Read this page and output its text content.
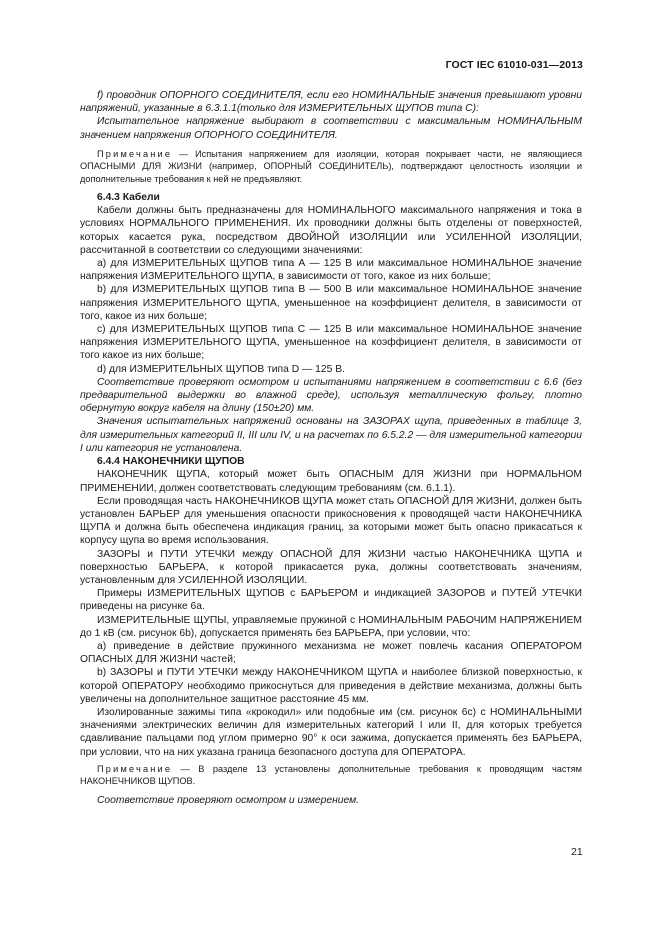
ГОСТ IEC 61010-031—2013

f) проводник ОПОРНОГО СОЕДИНИТЕЛЯ, если его НОМИНАЛЬНЫЕ значения превышают уровни напряжений, указанные в 6.3.1.1(только для ИЗМЕРИТЕЛЬНЫХ ЩУПОВ типа C):

Испытательное напряжение выбирают в соответствии с максимальным НОМИНАЛЬНЫМ значением напряжения ОПОРНОГО СОЕДИНИТЕЛЯ.

Примечание — Испытания напряжением для изоляции, которая покрывает части, не являющиеся ОПАСНЫМИ ДЛЯ ЖИЗНИ (например, ОПОРНЫЙ СОЕДИНИТЕЛЬ), подтверждают целостность изоляции и дополнительные требования к ней не предъявляют.

6.4.3 Кабели

Кабели должны быть предназначены для НОМИНАЛЬНОГО максимального напряжения и тока в условиях НОРМАЛЬНОГО ПРИМЕНЕНИЯ. Их проводники должны быть отделены от поверхностей, которых касается рука, посредством ДВОЙНОЙ ИЗОЛЯЦИИ или УСИЛЕННОЙ ИЗОЛЯЦИИ, рассчитанной в соответствии со следующими значениями:

a) для ИЗМЕРИТЕЛЬНЫХ ЩУПОВ типа А — 125 В или максимальное НОМИНАЛЬНОЕ значение напряжения ИЗМЕРИТЕЛЬНОГО ЩУПА, в зависимости от того, какое из них больше;

b) для ИЗМЕРИТЕЛЬНЫХ ЩУПОВ типа В — 500 В или максимальное НОМИНАЛЬНОЕ значение напряжения ИЗМЕРИТЕЛЬНОГО ЩУПА, уменьшенное на коэффициент делителя, в зависимости от того, какое из них больше;

c) для ИЗМЕРИТЕЛЬНЫХ ЩУПОВ типа С — 125 В или максимальное НОМИНАЛЬНОЕ значение напряжения ИЗМЕРИТЕЛЬНОГО ЩУПА, уменьшенное на коэффициент делителя, в зависимости от того какое из них больше;

d) для ИЗМЕРИТЕЛЬНЫХ ЩУПОВ типа D — 125 В.

Соответствие проверяют осмотром и испытаниями напряжением в соответствии с 6.6 (без предварительной выдержки во влажной среде), используя металлическую фольгу, плотно обернутую вокруг кабеля на длину (150±20) мм.

Значения испытательных напряжений основаны на ЗАЗОРАХ щупа, приведенных в таблице 3, для измерительных категорий II, III или IV, и на расчетах по 6.5.2.2 — для измерительной категории I или категория не установлена.

6.4.4 НАКОНЕЧНИКИ ЩУПОВ

НАКОНЕЧНИК ЩУПА, который может быть ОПАСНЫМ ДЛЯ ЖИЗНИ при НОРМАЛЬНОМ ПРИМЕНЕНИИ, должен соответствовать следующим требованиям (см. 6.1.1).

Если проводящая часть НАКОНЕЧНИКОВ ЩУПА может стать ОПАСНОЙ ДЛЯ ЖИЗНИ, должен быть установлен БАРЬЕР для уменьшения опасности прикосновения к проводящей части НАКОНЕЧНИКА ЩУПА и должна быть обеспечена индикация границ, за которыми может быть опасно прикасаться к корпусу щупа во время использования.

ЗАЗОРЫ и ПУТИ УТЕЧКИ между ОПАСНОЙ ДЛЯ ЖИЗНИ частью НАКОНЕЧНИКА ЩУПА и поверхностью БАРЬЕРА, к которой прикасается рука, должны соответствовать значениям, установленным для УСИЛЕННОЙ ИЗОЛЯЦИИ.

Примеры ИЗМЕРИТЕЛЬНЫХ ЩУПОВ с БАРЬЕРОМ и индикацией ЗАЗОРОВ и ПУТЕЙ УТЕЧКИ приведены на рисунке 6а.

ИЗМЕРИТЕЛЬНЫЕ ЩУПЫ, управляемые пружиной с НОМИНАЛЬНЫМ РАБОЧИМ НАПРЯЖЕНИЕМ до 1 кВ (см. рисунок 6b), допускается применять без БАРЬЕРА, при условии, что:

a) приведение в действие пружинного механизма не может повлечь касания ОПЕРАТОРОМ ОПАСНЫХ ДЛЯ ЖИЗНИ частей;

b) ЗАЗОРЫ и ПУТИ УТЕЧКИ между НАКОНЕЧНИКОМ ЩУПА и наиболее близкой поверхностью, к которой ОПЕРАТОРУ необходимо прикоснуться для приведения в действие механизма, должны быть увеличены на дополнительное защитное расстояние 45 мм.

Изолированные зажимы типа «крокодил» или подобные им (см. рисунок 6c) с НОМИНАЛЬНЫМИ значениями электрических величин для измерительных категорий I или II, для которых требуется сдавливание пальцами под углом примерно 90° к оси зажима, допускается применять без БАРЬЕРА, при условии, что на них указана граница безопасного доступа для ОПЕРАТОРА.

Примечание — В разделе 13 установлены дополнительные требования к проводящим частям НАКОНЕЧНИКОВ ЩУПОВ.

Соответствие проверяют осмотром и измерением.

21
